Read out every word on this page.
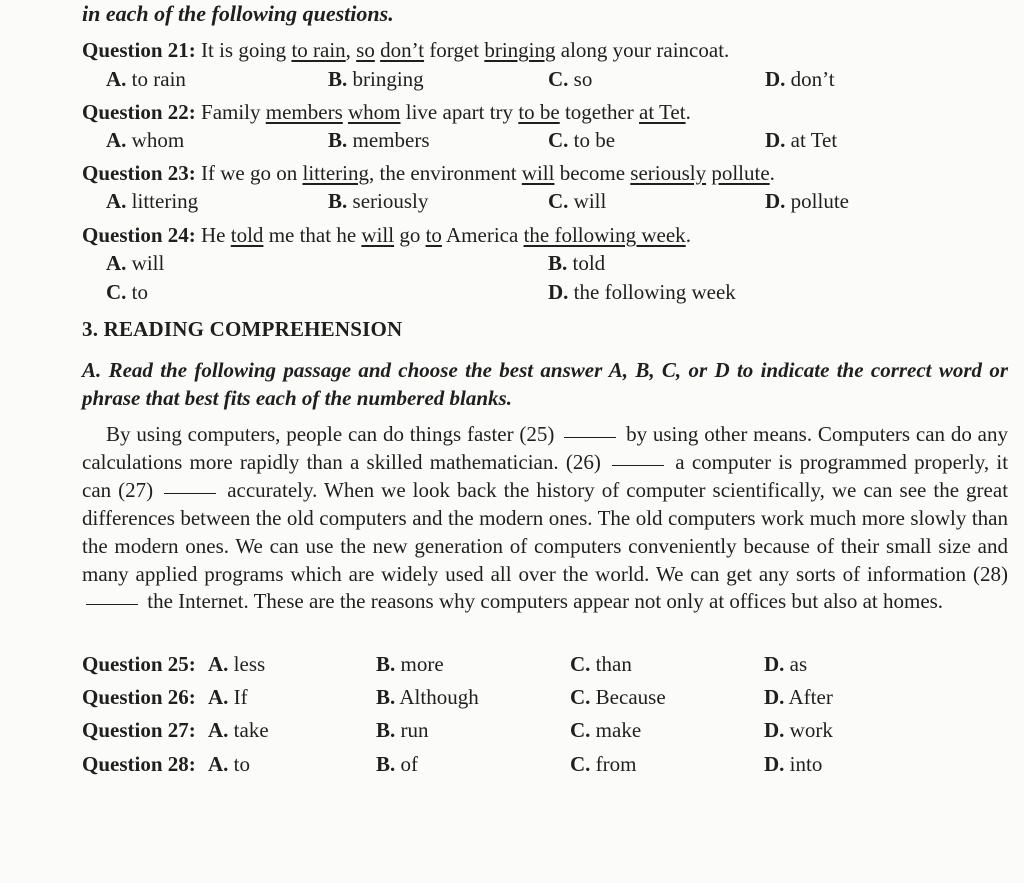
in each of the following questions.
Question 21: It is going to rain, so don’t forget bringing along your raincoat.
A. to rain	B. bringing	C. so	D. don’t
Question 22: Family members whom live apart try to be together at Tet.
A. whom	B. members	C. to be	D. at Tet
Question 23: If we go on littering, the environment will become seriously pollute.
A. littering	B. seriously	C. will	D. pollute
Question 24: He told me that he will go to America the following week.
A. will	B. told
C. to	D. the following week
3. READING COMPREHENSION
A. Read the following passage and choose the best answer A, B, C, or D to indicate the correct word or phrase that best fits each of the numbered blanks.
By using computers, people can do things faster (25)	by using other means. Computers can do any calculations more rapidly than a skilled mathematician. (26)	a computer is programmed properly, it can (27)	accurately. When we look back the history of computer scientifically, we can see the great differences between the old computers and the modern ones. The old computers work much more slowly than the modern ones. We can use the new generation of computers conveniently because of their small size and many applied programs which are widely used all over the world. We can get any sorts of information (28)  the Internet. These are the reasons why computers appear not only at offices but also at homes.
Question 25: A. less	B. more	C. than	D. as
Question 26: A. If	B. Although	C. Because	D. After
Question 27: A. take	B. run	C. make	D. work
Question 28: A. to	B. of	C. from	D. into
